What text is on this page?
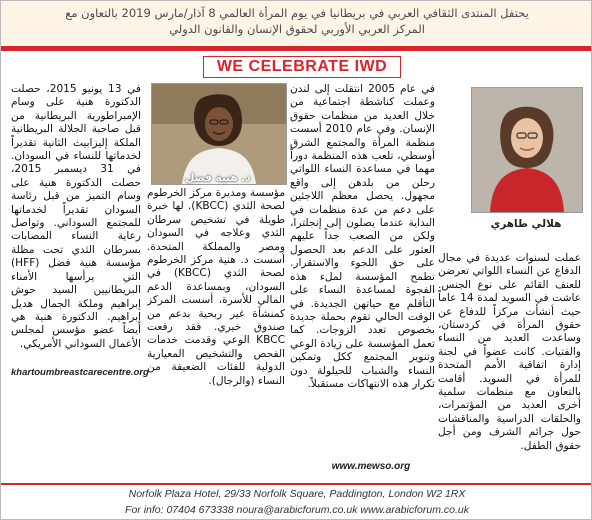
يحتفل المنتدى الثقافي العربي في بريطانيا في يوم المرأة العالمي 8 آذار/مارس 2019 بالتعاون مع
المركز العربي الأوربي لحقوق الإنسان والقانون الدولي
WE CELEBRATE IWD
هلالي طاهري
عملت لسنوات عديدة في مجال الدفاع عن النساء اللواتي تعرضن للعنف القائم على نوع الجنس. عاشت في السويد لمدة 14 عاماً حيث أنشأت مركزاً للدفاع عن حقوق المرأة في كردستان، وساعدت العديد من النساء والفتيات. كانت عضواً في لجنة إدارة اتفاقية الأمم المتحدة للمرأة في السويد. أقامت بالتعاون مع منظمات سلمية أخرى العديد من المؤتمرات، والحلقات الدراسية والمناقشات حول جرائم الشرف ومن أجل حقوق الطفل.
في عام 2005 انتقلت إلى لندن وعملت كناشطة اجتماعية من خلال العديد من منظمات حقوق الإنسان. وفي عام 2010 أسست منظمة المرأة والمجتمع الشرق أوسطي، تلعب هذه المنظمة دوراً مهما في مساعدة النساء اللواتي رحلن من بلدهن إلى واقع مجهول. يحصل معظم اللاجئين على دعم من عدة منظمات في البداية عندما يصلون إلى إنجلترا، ولكن من الصعب جداً عليهم العثور على الدعم بعد الحصول على حق اللجوء والاستقرار. تطمح المؤسسة لملء هذه الفجوة لمساعدة النساء على التأقلم مع حياتهن الجديدة. في الوقت الحالي تقوم بحملة جديدة بخصوص تعدد الزوجات. كما تعمل المؤسسة على زيادة الوعي وتنوير المجتمع ككل وتمكين النساء والشباب للحيلولة دون تكرار هذه الانتهاكات مستقبلاً.
www.mewso.org
د. هنية فضل
مؤسسة ومديرة مركز الخرطوم لصحة الثدي (KBCC). لها خبرة طويلة في تشخيص سرطان الثدي وعلاجه في السودان ومصر والمملكة المتحدة. أسست د. هنية مركز الخرطوم لصحة الثدي (KBCC) في السودان، وبمساعدة الدعم المالي للأسرة، أسست المركز كمنشأة غير ربحية بدعم من صندوق خيري. فقد رفعت KBCC الوعي وقدمت خدمات الفحص والتشخيص المعيارية الدولية للفئات الضعيفة من النساء (والرجال).
في 13 يونيو 2015، حصلت الدكتورة هنية على وسام الإمبراطورية البريطانية من قبل صاحبة الجلالة البريطانية الملكة إليزابيث الثانية تقديراً لخدماتها للنساء في السودان. في 31 ديسمبر 2015، حصلت الدكتورة هنية على وسام التميز من قبل رئاسة السودان تقديراً لخدماتها للمجتمع السوداني. وتواصل رعاية النساء المصابات بسرطان الثدي تحت مظلة مؤسسة هنية فضل (HFF) التي يرأسها الأمناء البريطانيين السيد حوش إبراهيم وملكة الجمال هديل إبراهيم. الدكتورة هنية هي أيضاً عضو مؤسس لمجلس الأعمال السوداني الأمريكي.
khartoumbreastcarecentre.org
Norfolk Plaza Hotel, 29/33 Norfolk Square, Paddington, London W2 1RX
For info: 07404 673338 noura@arabicforum.co.uk www.arabicforum.co.uk
